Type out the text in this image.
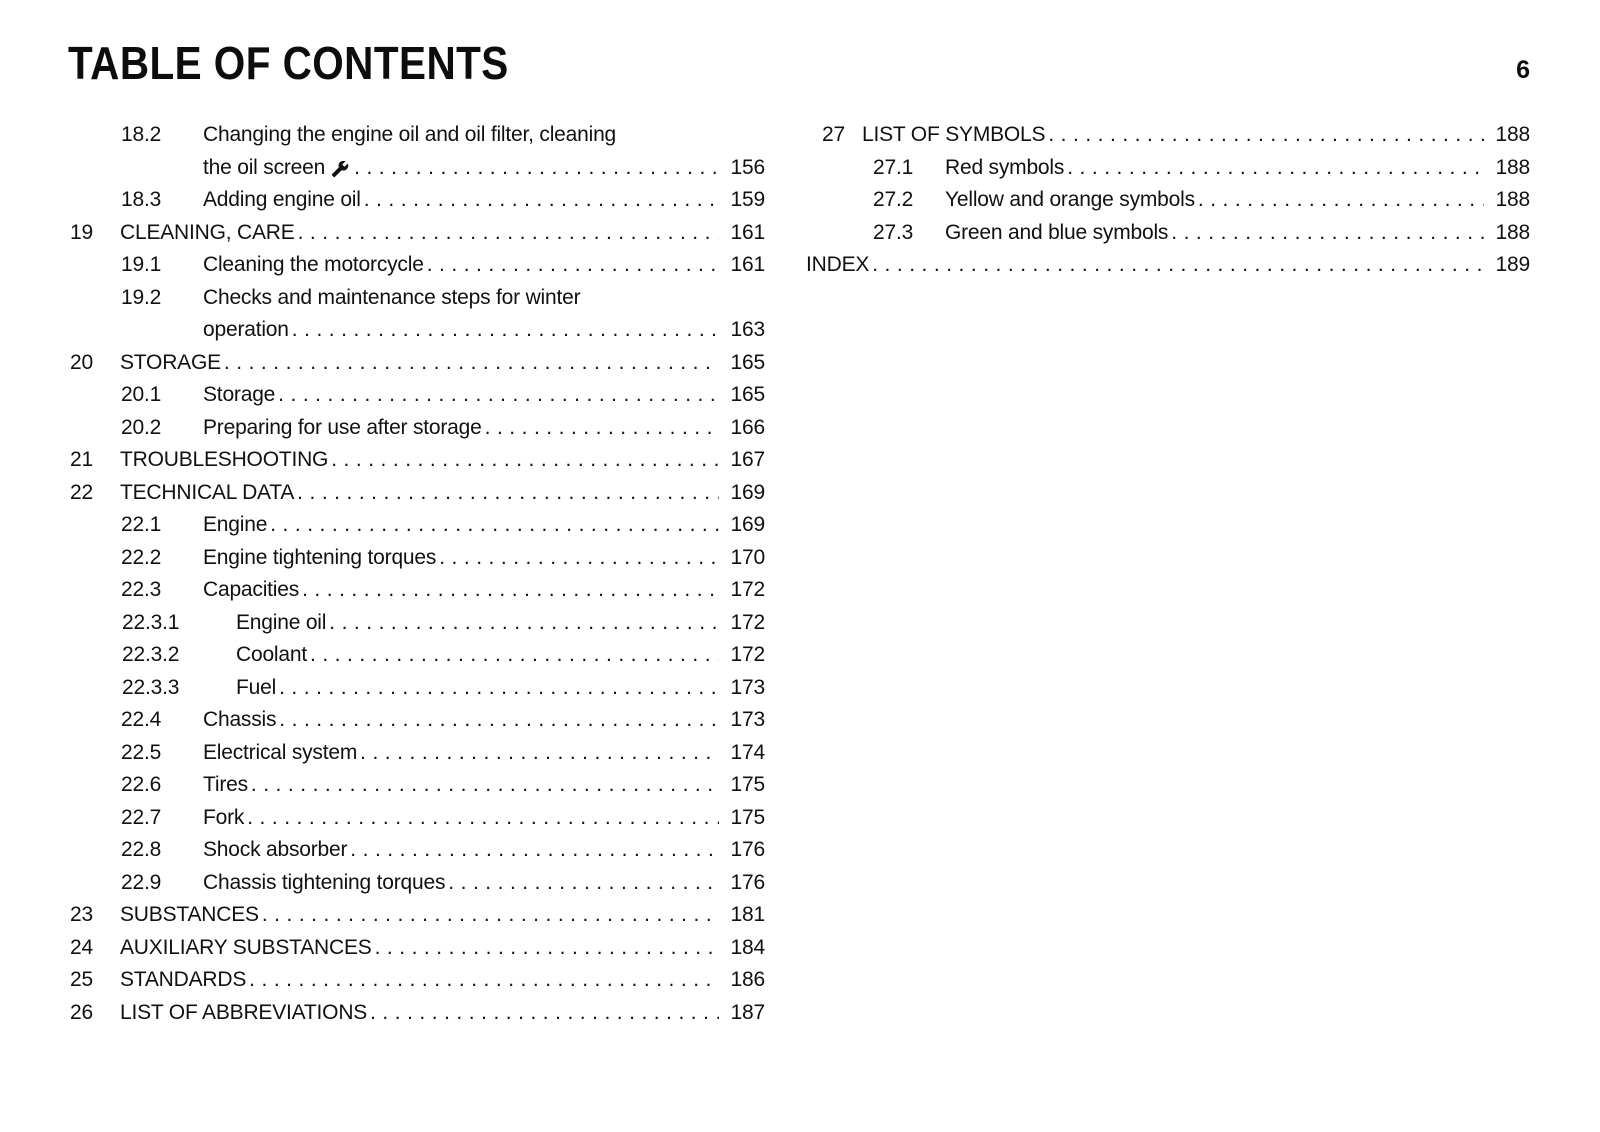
TABLE OF CONTENTS	6
18.2 Changing the engine oil and oil filter, cleaning
the oil screen .....	156
18.3 Adding engine oil .....	159
19 CLEANING, CARE .....	161
19.1 Cleaning the motorcycle .....	161
19.2 Checks and maintenance steps for winter
operation .....	163
20 STORAGE .....	165
20.1 Storage .....	165
20.2 Preparing for use after storage .....	166
21 TROUBLESHOOTING .....	167
22 TECHNICAL DATA .....	169
22.1 Engine .....	169
22.2 Engine tightening torques .....	170
22.3 Capacities .....	172
22.3.1	Engine oil .....	172
22.3.2	Coolant .....	172
22.3.3	Fuel .....	173
22.4 Chassis .....	173
22.5 Electrical system .....	174
22.6 Tires .....	175
22.7 Fork .....	175
22.8 Shock absorber .....	176
22.9 Chassis tightening torques .....	176
23 SUBSTANCES .....	181
24 AUXILIARY SUBSTANCES .....	184
25 STANDARDS .....	186
26 LIST OF ABBREVIATIONS .....	187
27 LIST OF SYMBOLS .....	188
27.1 Red symbols .....	188
27.2 Yellow and orange symbols .....	188
27.3 Green and blue symbols .....	188
INDEX .....	189
